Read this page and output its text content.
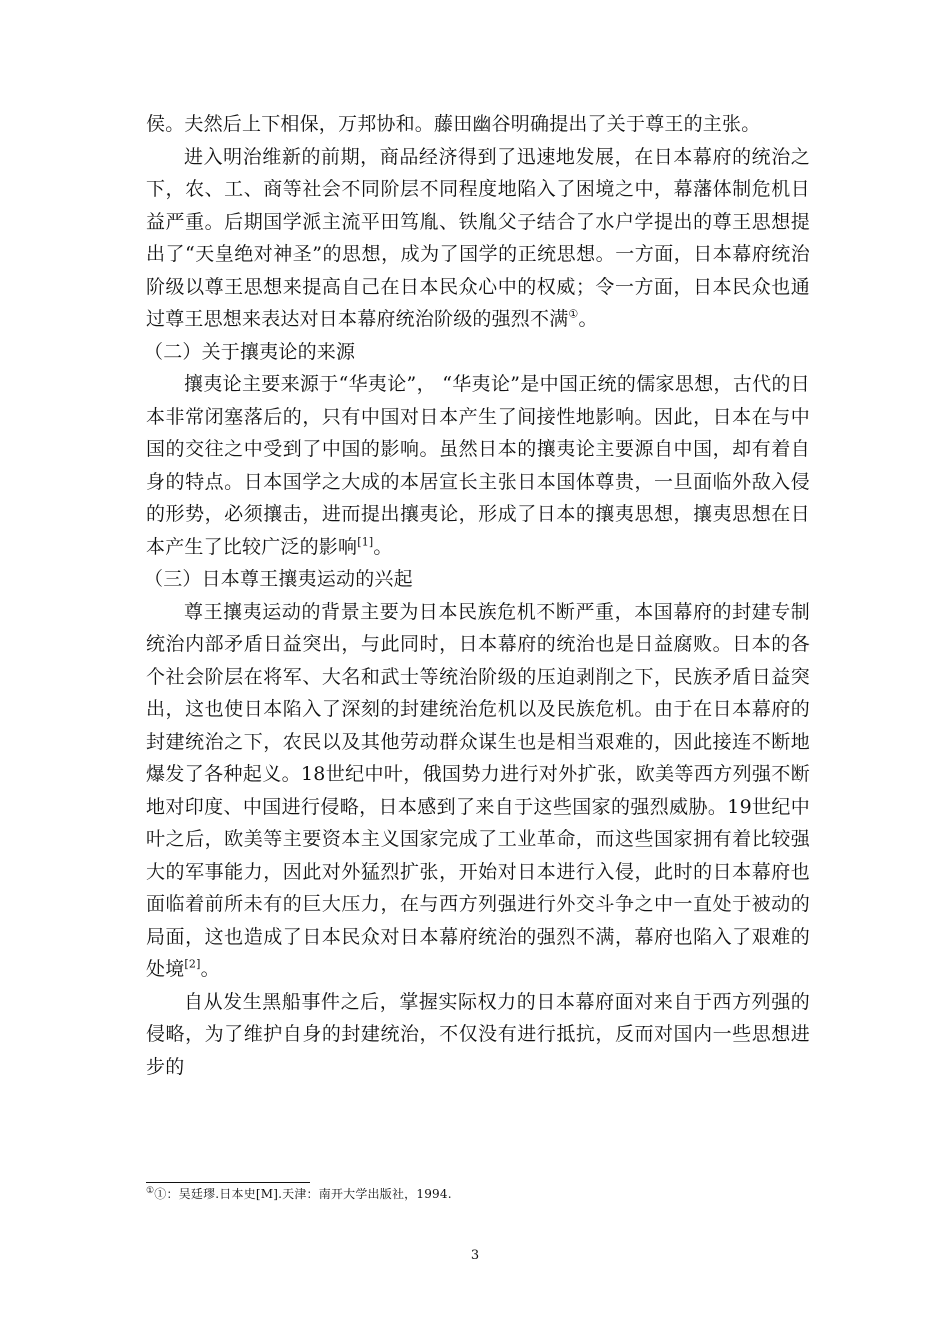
侯。夫然后上下相保，万邦协和。藤田幽谷明确提出了关于尊王的主张。

进入明治维新的前期，商品经济得到了迅速地发展，在日本幕府的统治之下，农、工、商等社会不同阶层不同程度地陷入了困境之中，幕藩体制危机日益严重。后期国学派主流平田笃胤、铁胤父子结合了水户学提出的尊王思想提出了“天皇绝对神圣”的思想，成为了国学的正统思想。一方面，日本幕府统治阶级以尊王思想来提高自己在日本民众心中的权威；令一方面，日本民众也通过尊王思想来表达对日本幕府统治阶级的强烈不满①。

（二）关于攘夷论的来源

攘夷论主要来源于“华夷论”， “华夷论”是中国正统的儒家思想，古代的日本非常闭塞落后的，只有中国对日本产生了间接性地影响。因此，日本在与中国的交往之中受到了中国的影响。虽然日本的攘夷论主要源自中国，却有着自身的特点。日本国学之大成的本居宣长主张日本国体尊贵，一旦面临外敌入侵的形势，必须攘击，进而提出攘夷论，形成了日本的攘夷思想，攘夷思想在日本产生了比较广泛的影响[1]。

（三）日本尊王攘夷运动的兴起

尊王攘夷运动的背景主要为日本民族危机不断严重，本国幕府的封建专制统治内部矛盾日益突出，与此同时，日本幕府的统治也是日益腐败。日本的各个社会阶层在将军、大名和武士等统治阶级的压迫剥削之下，民族矛盾日益突出，这也使日本陷入了深刻的封建统治危机以及民族危机。由于在日本幕府的封建统治之下，农民以及其他劳动群众谋生也是相当艰难的，因此接连不断地爆发了各种起义。18世纪中叶，俄国势力进行对外扩张，欧美等西方列强不断地对印度、中国进行侵略，日本感到了来自于这些国家的强烈威胁。19世纪中叶之后，欧美等主要资本主义国家完成了工业革命，而这些国家拥有着比较强大的军事能力，因此对外猛烈扩张，开始对日本进行入侵，此时的日本幕府也面临着前所未有的巨大压力，在与西方列强进行外交斗争之中一直处于被动的局面，这也造成了日本民众对日本幕府统治的强烈不满，幕府也陷入了艰难的处境[2]。

自从发生黑船事件之后，掌握实际权力的日本幕府面对来自于西方列强的侵略，为了维护自身的封建统治，不仅没有进行抵抗，反而对国内一些思想进步的

①①：吴廷璆.日本史[M].天津：南开大学出版社，1994.
3
